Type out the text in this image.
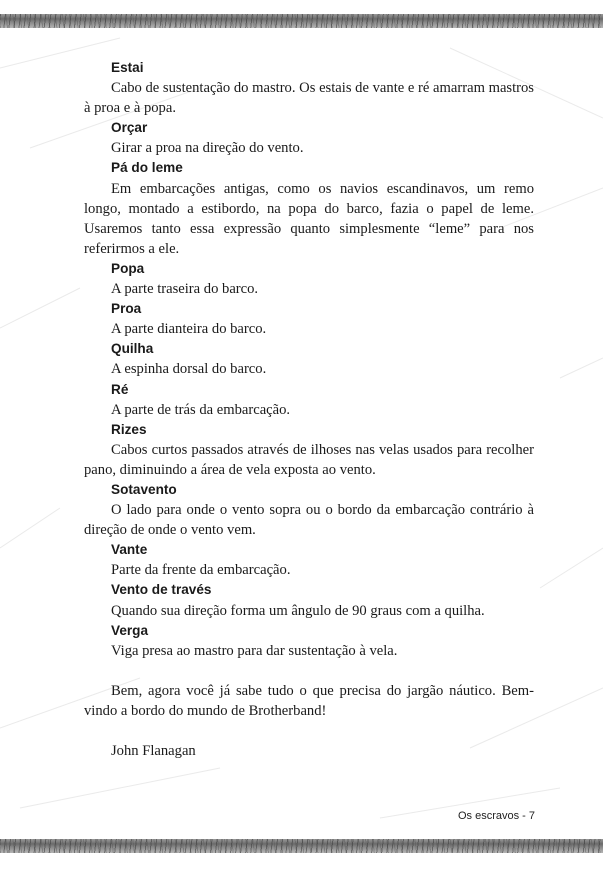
Estai

Cabo de sustentação do mastro. Os estais de vante e ré amarram mastros à proa e à popa.

Orçar

Girar a proa na direção do vento.

Pá do leme

Em embarcações antigas, como os navios escandinavos, um remo longo, montado a estibordo, na popa do barco, fazia o papel de leme. Usaremos tanto essa expressão quanto simplesmente “leme” para nos referirmos a ele.

Popa

A parte traseira do barco.

Proa

A parte dianteira do barco.

Quilha

A espinha dorsal do barco.

Ré

A parte de trás da embarcação.

Rizes

Cabos curtos passados através de ilhoses nas velas usados para recolher pano, diminuindo a área de vela exposta ao vento.

Sotavento

O lado para onde o vento sopra ou o bordo da embarcação contrário à direção de onde o vento vem.

Vante

Parte da frente da embarcação.

Vento de través

Quando sua direção forma um ângulo de 90 graus com a quilha.

Verga

Viga presa ao mastro para dar sustentação à vela.

Bem, agora você já sabe tudo o que precisa do jargão náutico. Bem-vindo a bordo do mundo de Brotherband!

John Flanagan

Os escravos - 7
